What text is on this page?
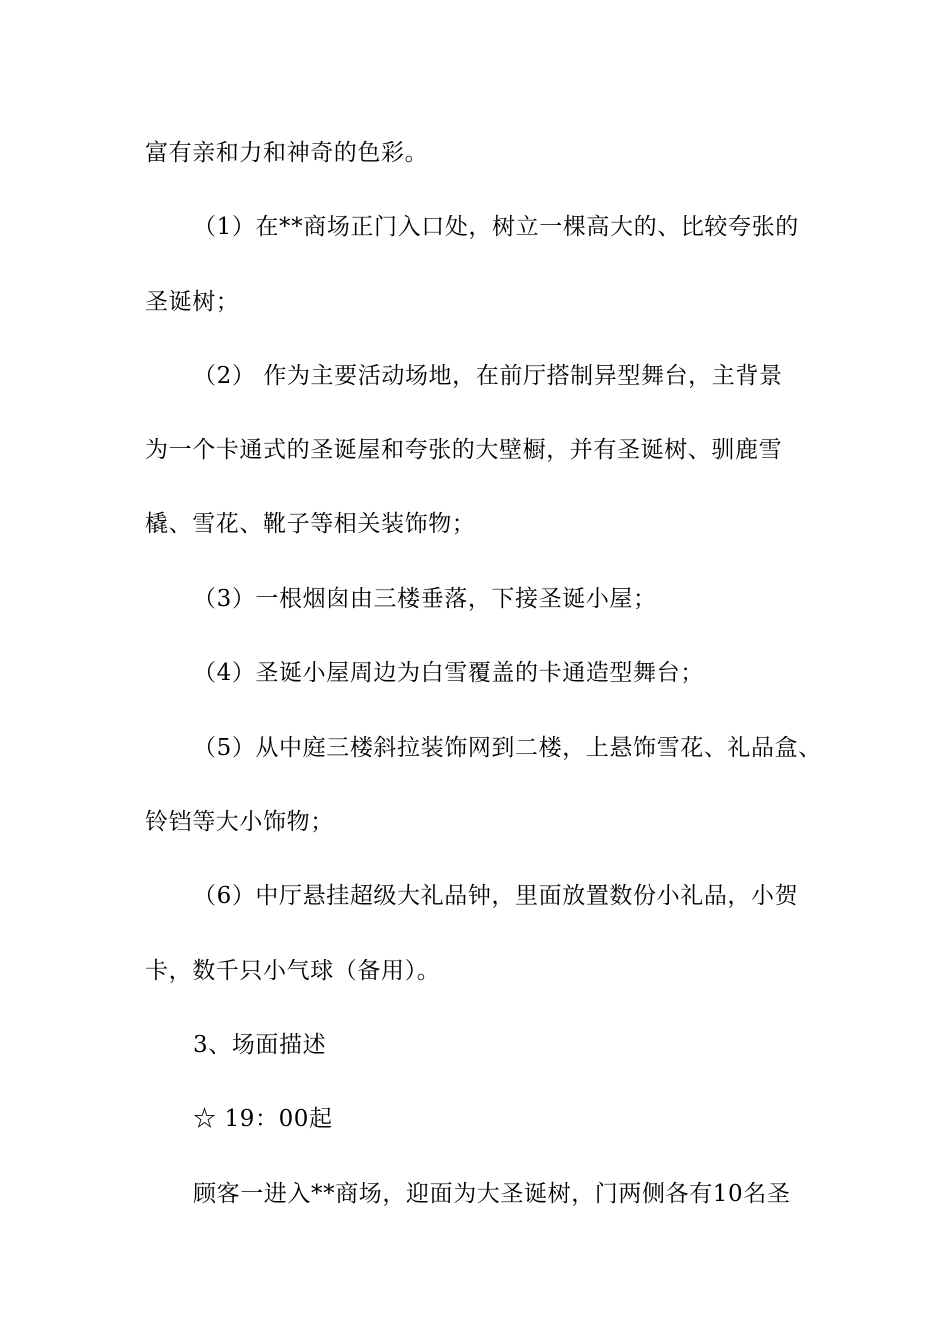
富有亲和力和神奇的色彩。
（1）在**商场正门入口处，树立一棵高大的、比较夸张的
圣诞树；
（2） 作为主要活动场地，在前厅搭制异型舞台，主背景
为一个卡通式的圣诞屋和夸张的大壁橱，并有圣诞树、驯鹿雪
橇、雪花、靴子等相关装饰物；
（3）一根烟囱由三楼垂落，下接圣诞小屋；
（4）圣诞小屋周边为白雪覆盖的卡通造型舞台；
（5）从中庭三楼斜拉装饰网到二楼，上悬饰雪花、礼品盒、
铃铛等大小饰物；
（6）中厅悬挂超级大礼品钟，里面放置数份小礼品，小贺
卡，数千只小气球（备用）。
3、场面描述
☆ 19：00起
顾客一进入**商场，迎面为大圣诞树，门两侧各有10名圣
